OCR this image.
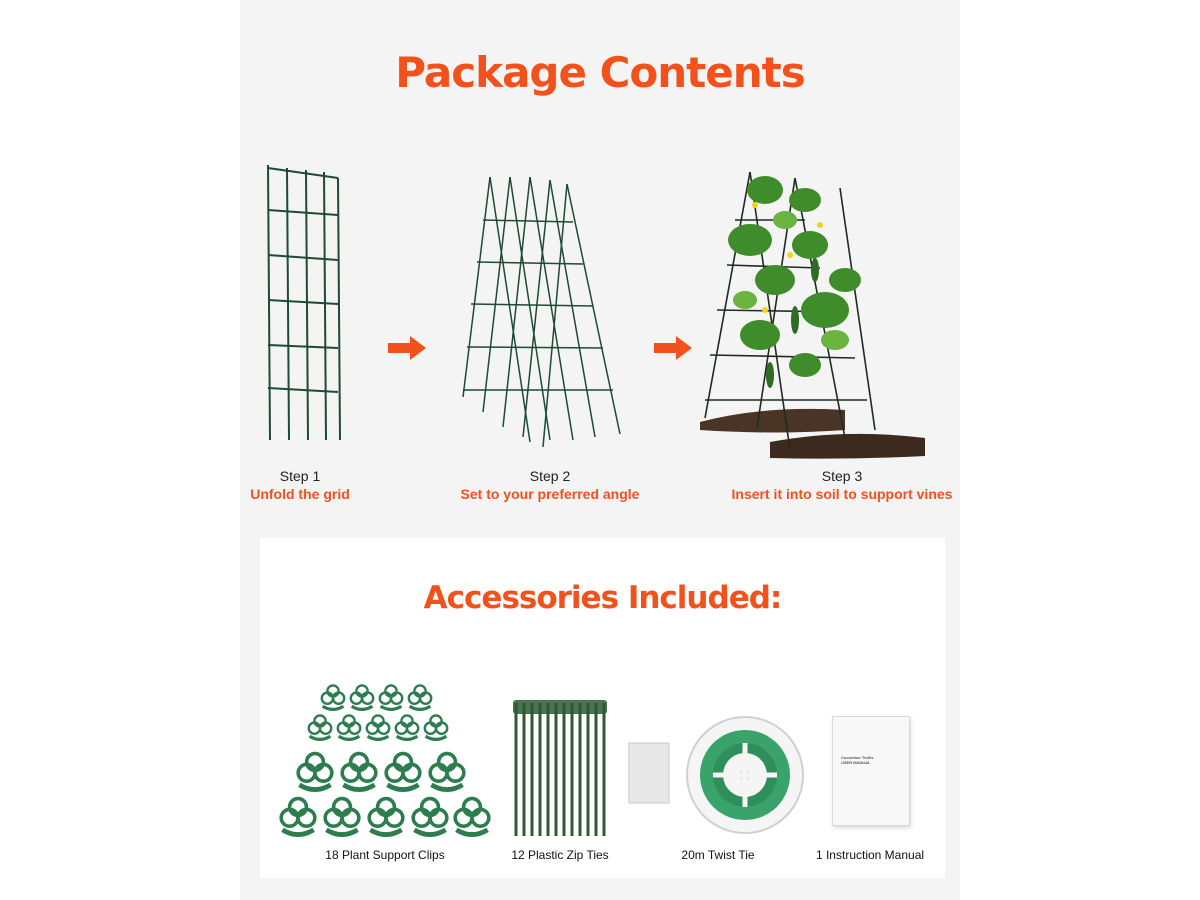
Package Contents
Step 1
Unfold the grid
Step 2
Set to your preferred angle
Step 3
Insert it into soil to support vines
Accessories Included:
Cucumber Trellis
USER MANUAL
18 Plant Support Clips	12 Plastic Zip Ties	20m Twist Tie	1 Instruction Manual
